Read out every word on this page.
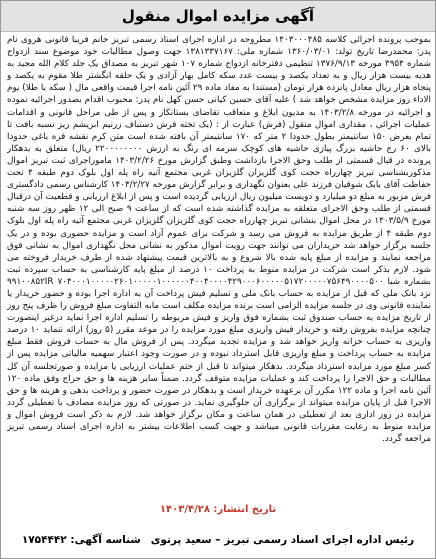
آگهی مزایده اموال منقول
بموجب پرونده اجرائی کلاسه ۱۴۰۳۰۰۰۴۸۵ مطروحه در اداره اجرای اسناد رسمی تبریز خانم فریبا قانونی هروی نام پدر: محمدرضا تاریخ تولد: ۱۳۶۰/۰۳/۰۱ شماره ملی: ۱۳۸۱۳۳۷۱۶۷ جهت وصول مطالبات خود موضوع سند ازدواج شماره ۴۹۵۴ مورخه ۱۳۷۶/۹/۱۳ تنظیمی دفترخانه ازدواج شماره ۱۰۷ شهر تبریز به مصداق یک جلد کلام الله مجید به هدیه بیست هزار ریال و به تعداد یکصد و بیست عدد سکه کامل بهار آزادی و یک حلقه انگشتر طلا مقوم به یکصد و پنجاه هزار ریال معادل پانزده هزار تومان (مستندا به مفاد ماده ۲۹ آئین نامه اجرا قیمت واقعی مال ( سکه یا طلا) یوم الاداء روز مزایده مشخص خواهد شد ) علیه آقای حسین کیانی حسن کهل نام پدر: محبوب اقدام بصدور اجرائیه نموده و اجرائیه در مورخه ۱۴۰۳/۲/۸ به مدیون ابلاغ و متعاقب تقاضای بستانکار و پس از طی مراحل قانونی و اقدامات عملیات اجرائی ، مقداری اموال منقول (فرش) عبارت از : (یک تخته فرش دستباف زرنیم ابریشم ریز نسبه بافت تا تمام بعرض ۱۵۰ سانتیمتر بطول حدودا ۲ متر که ۱۷۰ سانتیمتر آن بافته شده است متن کرم نقشه قره باغی حدودا بالای ۶۰ رج حاشیه بزرگ پیازی حاشیه های کوچک سرمه ای رنگ به ارزش ۲۲۰۰۰۰۰۰۰۰ ریال) متعلق به بدهکار پرونده در قبال قسمتی از طلب وحق الاجرا بازداشت وطبق گزارش مورخ ۱۴۰۳/۲/۲۶ ماموراجرای ثبت تبریز اموال مذکوربشناسی تبریز چهارراه حجت کوی گلزیزان گلزیزان غربی مجتمع آتیه راه پله اول بلوک دوم طبقه ۴ تحت حفاظت آقای بابک شوقیان فرزند علی بعنوان نگهداری و برابر گزارش مورخه ۱۴۰۳/۲/۲۷ کارشناس رسمی دادگستری فرش مزبور به مبلغ دو میلیارد و دویست میلیون ریال ارزیابی گردیده است و پس از ابلاغ ارزیابی و قطعیت آن درقبال قسمتی از طلب وحق الاجرای متعلقه به مزایده گذاشته شده است که از ساعت ۹ صبح الی ۱۲ ظهر روز سه شنبه مورخ ۱۴۰۳/۵/۹ در محل اموال بنشانی تبریز چهارراه حجت کوی گلزیزان گلزیزان غربی مجتمع آتیه راه پله اول بلوک دوم طبقه ۴ از طریق مزایده به فروش می رسد و شرکت برای عموم آزاد است و مزایده حضوری بوده و در یک جلسه برگزار خواهد شد خریداران می توانند جهت رویت اموال مذکور به نشانی محل نگهداری اموال به نشانی فوق مراجعه نمایند و مزایده از مبلغ پایه شده بالا شروع و به بالاترین قیمت پیشنهاد شده از طرف خریدار فروخته می شود. لازم بذکر است شرکت در مزایده منوط به پرداخت ۱۰ درصد از مبلغ پایه کارشناسی به حساب سپرده ثبت بشماره شبا ۷۰۴۰۰۰۱۰۰۰۰۰۲۶۰۱۰۰۰۰۰۱۰۰۰۰۰۰۴۰۰۴۰۰۰۰۴۲۹۰۰۰۶۰۰۰۰۰۵۱۷۲۰۰۰۰۰۷۵۶۴۹۰۰۰۰۵۰۰ ۹۹۱۰۰۸۵۲IR نزد بانک ملی که قبل از مزایده به حساب بانک ملی و تسلیم فیش پرداخت آن به اداره اجرا بوده و حضور خریدار یا نماینده قانونی وی در جلسه مزایده الزامی است برنده مزایده مکلف است مابه التفاوت مبلغ فروش را ظرف پنج روز از تاریخ مزایده به حساب صندوق ثبت بشماره فوق واریز و فیش مربوطه را تسلیم اداره اجرا نماید درغیر اینصورت چنانچه مزایده بفروش رفته و خریدار فیش واریزی مبلغ مورد مزایده را در موعد مقرر (۵ روز) ارائه ننماید ۱۰ درصد واریزی به حساب خزانه واریز خواهد شد و مزایده تجدید میگردد. پس از فروش مال به حساب فروش فقط مبلغ مزایده به حساب پرداخت و مبلغ واریزی قابل استرداد نبوده و در صورت وجود اعتبار سهمیه مالیاتی مزایده پس از کسر مبلغ مورد مزایده استرداد میگردد. بدهکار میتواند تا قبل از ختم عملیات ارزیابی یا مزایده و صورتجلسه آن کل مطالبات و حق الاجرا را پرداخت کند و عملیات مزایده متوقف گردد. ضمناً سایر هزینه ها و حق حراج وفق ماده ۱۲۰ آئین نامه اجرا و ماده ۱۲۲ مکرر آن برعهده خریدار است و بدهکار در صورت حضور و پرداخت بدهی و هزینه ها و حق الاجرا قبل از پایان مزایده میتواند از برگزاری آن جلوگیری نماید. در صورتی که روز مزایده مصادف با تعطیلی گردد مزایده در روز اداری بعد از تعطیلی در همان ساعت و مکان برگزار خواهد شد. لازم به ذکر است فروش اموال و مزایده منوط به رعایت مقررات قانونی میباشد و جهت کسب اطلاعات بیشتر به اداره اجرای اسناد رسمی تبریز مراجعه گردد.
تاریخ انتشار: ۱۴۰۳/۴/۲۸
رئیس اداره اجرای اسناد رسمی تبریز – سعید پرتوی
شناسه آگهی:

۱۷۵۴۴۴۲
